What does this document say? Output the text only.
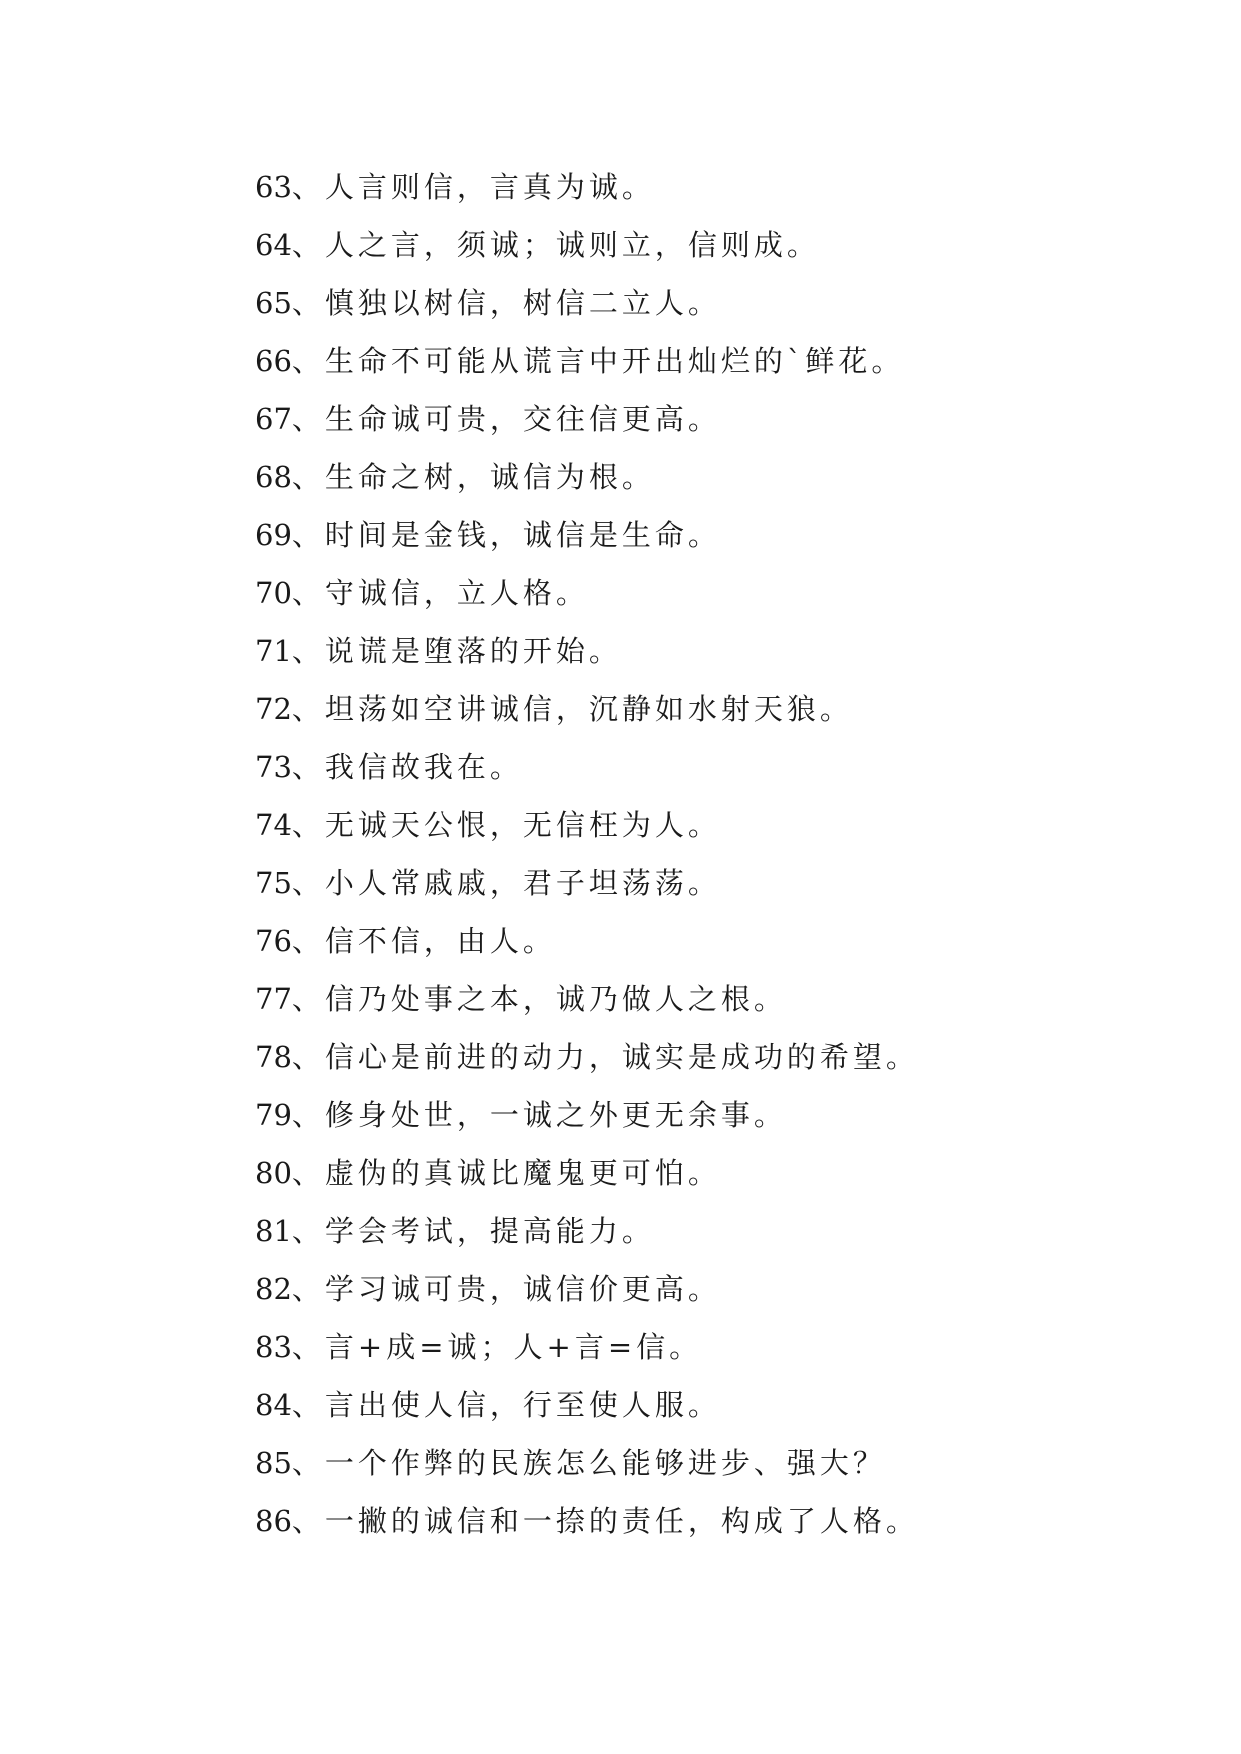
63、人言则信，言真为诚。
64、人之言，须诚；诚则立，信则成。
65、慎独以树信，树信二立人。
66、生命不可能从谎言中开出灿烂的`鲜花。
67、生命诚可贵，交往信更高。
68、生命之树，诚信为根。
69、时间是金钱，诚信是生命。
70、守诚信，立人格。
71、说谎是堕落的开始。
72、坦荡如空讲诚信，沉静如水射天狼。
73、我信故我在。
74、无诚天公恨，无信枉为人。
75、小人常戚戚，君子坦荡荡。
76、信不信，由人。
77、信乃处事之本，诚乃做人之根。
78、信心是前进的动力，诚实是成功的希望。
79、修身处世，一诚之外更无余事。
80、虚伪的真诚比魔鬼更可怕。
81、学会考试，提高能力。
82、学习诚可贵，诚信价更高。
83、言+成=诚；人+言=信。
84、言出使人信，行至使人服。
85、一个作弊的民族怎么能够进步、强大？
86、一撇的诚信和一捺的责任，构成了人格。
